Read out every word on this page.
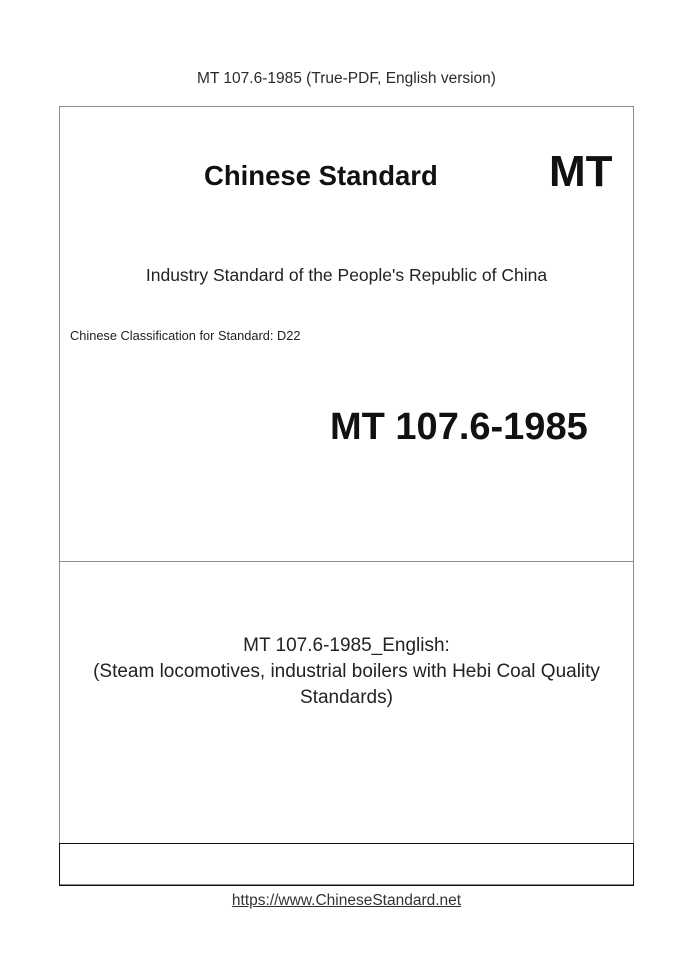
MT 107.6-1985 (True-PDF, English version)
Chinese Standard	MT
Industry Standard of the People's Republic of China
Chinese Classification for Standard: D22
MT 107.6-1985
MT 107.6-1985_English:
(Steam locomotives, industrial boilers with Hebi Coal Quality
Standards)
https://www.ChineseStandard.net
